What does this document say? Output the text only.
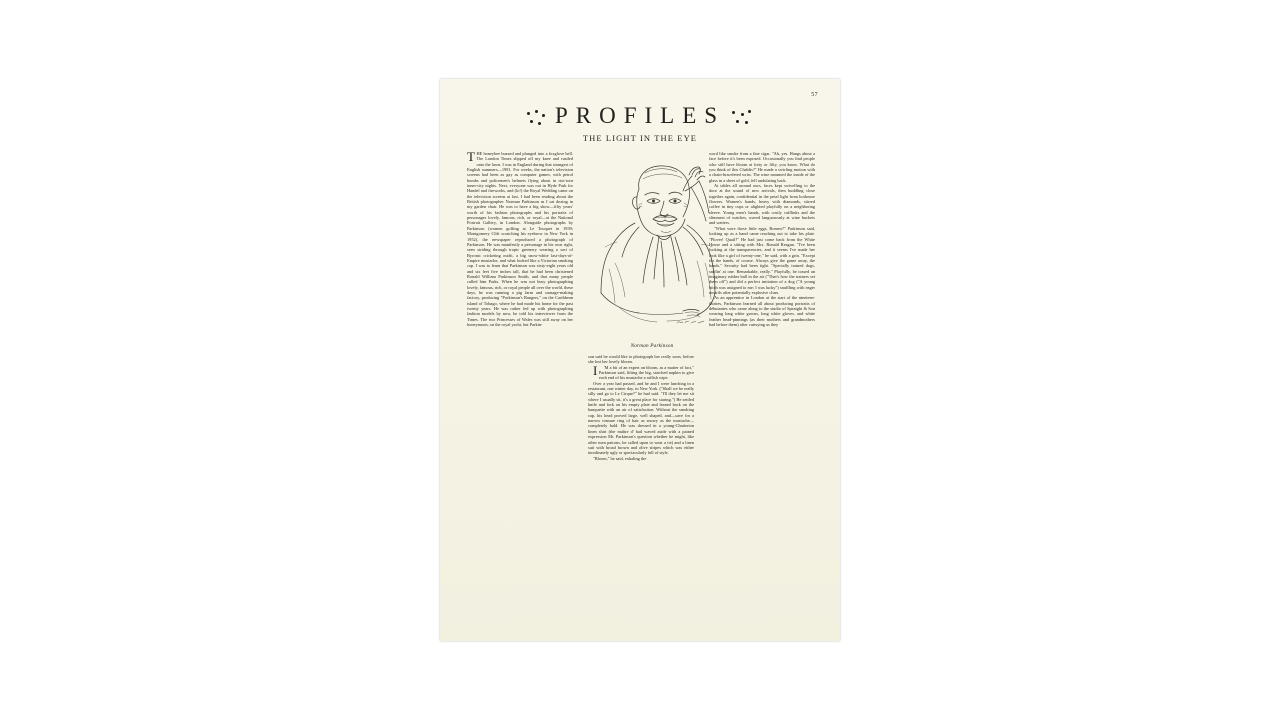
57
PROFILES
THE LIGHT IN THE EYE

THE honeybee buzzed and plunged into a foxglove bell. The London Times slipped off my knee and rustled onto the lawn. I was in England during that strangest of English summers—1981. For weeks, the nation's television screens had been as gay as computer games, with petrol bombs and policemen's helmets flying about in riot-torn inner-city nights. Next, everyone was out in Hyde Park for Handel and fireworks, and (lo!) the Royal Wedding came on the television screens at last. I had been reading about the British photographer Norman Parkinson as I sat dozing in my garden chair. He was to have a big show—fifty years' worth of his fashion photographs and his portraits of personages lovely, famous, rich, or royal—at the National Portrait Gallery, in London. Alongside photographs by Parkinson (women golfing at Le Touquet in 1939; Montgomery Clift scratching his eyebrow in New York in 1952), the newspaper reproduced a photograph of Parkinson. He was manifestly a personage in his own right, seen striding through tropic greenery wearing a sort of Byronic cricketing outfit, a big snow-white last-days-of-Empire mustache, and what looked like a Victorian smoking cap. I was to learn that Parkinson was sixty-eight years old and six feet five inches tall, that he had been christened Ronald William Parkinson Smith, and that many people called him Parks. When he was not busy photographing lovely, famous, rich, or royal people all over the world, these days, he was running a pig farm and sausage-making factory, producing "Porkinson's Bangers," on the Caribbean island of Tobago, where he had made his home for the past twenty years. He was rather fed up with photographing fashion models by now, he told his interviewer from the Times. The two Princesses of Wales was still away on her honeymoon, on the royal yacht, but Parkin-

Norman Parkinson

son said he would like to photograph her really soon, before she lost her lovely bloom.

I	'M a bit of an expert on bloom, as a matter of fact," Parkinson said, lifting the big, starched napkin to give each end of his mustache a raffish wipe.

Over a year had passed, and he and I were lunching in a restaurant, one winter day, in New York. ("Shall we be really silly and go to Le Cirque?" he had said. "I'll they let me sit where I usually sit, it's a great place for staring.") He settled knife and fork on his empty plate and leaned back on the banquette with an air of satisfaction. Without the smoking cap, his head proved large, well shaped, and—save for a narrow tonsure ring of hair as snowy as the mustache—completely bald. He was dressed in a young-Chatterton linen shirt (the maître d' had waved aside with a pained expression Mr. Parkinson's question whether he might, like other men patrons, be called upon to wear a tie) and a linen suit with broad brown and olive stripes which was either inordinately ugly or spectacularly full of style.

"Bloom," he said, exhaling the

word like smoke from a fine cigar. "Ah, yes. Hangs about a face before it's been exposed. Occasionally you find people who still have bloom at forty or fifty, you know. What do you think of this Chablis?" He made a swirling motion with a chain-braceleted wrist. The wine mounted the inside of the glass in a sheet of gold, fell undulating back.

At tables all around ours, faces kept swivelling to the door at the sound of new arrivals, then huddling close together again, confidential in the petal light from hothouse flowers. Women's hands, heavy with diamonds, stirred coffee in tiny cups or alighted playfully on a neighboring sleeve. Young men's hands, with costly cufflinks and the slimmest of watches, waved languorously at wine buckets and waiters.

"What were those little eggs, Romeo?" Parkinson said, looking up as a hand came reaching out to take his plate. "Plover! Quail?" He had just come back from the White House and a sitting with Mrs. Ronald Reagan. "I've been looking at the transparencies, and it seems I've made her look like a girl of twenty-one," he said, with a grin. "Except for the hands, of course. Always give the game away, the hands." Security had been tight. "Specially trained dogs, sniffin' at one. Remarkable, really." Playfully, he tossed an imaginary rubber ball in the air ("That's how the trainers set them off") and did a perfect imitation of a dog ("A young bitch was assigned to me; I was lucky") snuffling with eager nostrils after potentially explosive clues.

As an apprentice in London at the start of the nineteen-thirties, Parkinson learned all about producing portraits of débutantes who came along to the studio of Speaight & Son wearing long white gowns, long white gloves, and white feather head-pinnings (as their mothers and grandmothers had before them) after curtsying as they
